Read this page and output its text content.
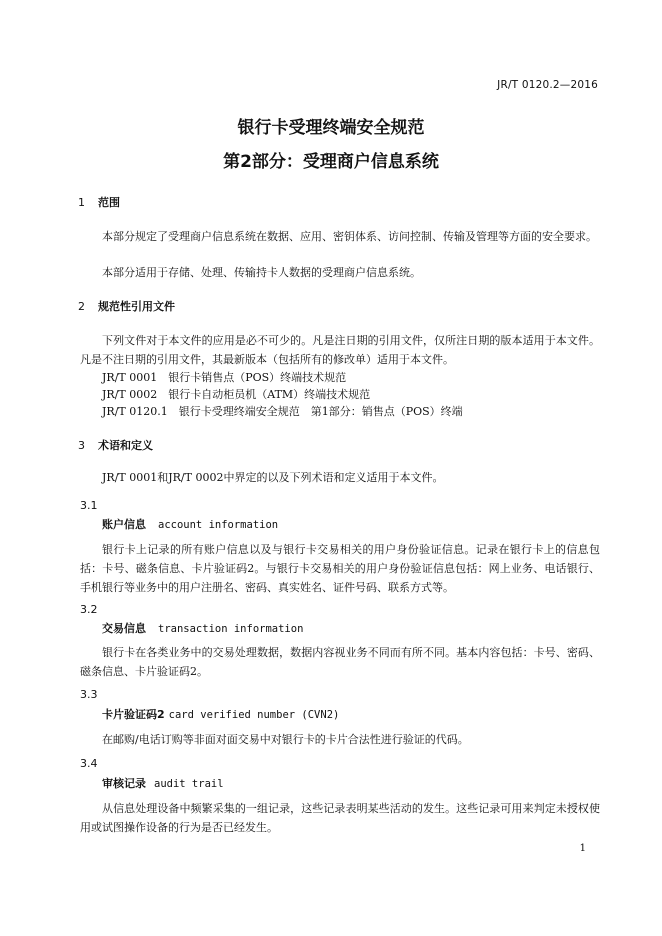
JR/T 0120.2—2016
银行卡受理终端安全规范
第2部分：受理商户信息系统
1 范围
本部分规定了受理商户信息系统在数据、应用、密钥体系、访问控制、传输及管理等方面的安全要求。
本部分适用于存储、处理、传输持卡人数据的受理商户信息系统。
2 规范性引用文件
下列文件对于本文件的应用是必不可少的。凡是注日期的引用文件，仅所注日期的版本适用于本文件。凡是不注日期的引用文件，其最新版本（包括所有的修改单）适用于本文件。
JR/T 0001　银行卡销售点（POS）终端技术规范
JR/T 0002　银行卡自动柜员机（ATM）终端技术规范
JR/T 0120.1　银行卡受理终端安全规范　第1部分：销售点（POS）终端
3 术语和定义
JR/T 0001和JR/T 0002中界定的以及下列术语和定义适用于本文件。
3.1
账户信息 account information
银行卡上记录的所有账户信息以及与银行卡交易相关的用户身份验证信息。记录在银行卡上的信息包括：卡号、磁条信息、卡片验证码2。与银行卡交易相关的用户身份验证信息包括：网上业务、电话银行、手机银行等业务中的用户注册名、密码、真实姓名、证件号码、联系方式等。
3.2
交易信息 transaction information
银行卡在各类业务中的交易处理数据，数据内容视业务不同而有所不同。基本内容包括：卡号、密码、磁条信息、卡片验证码2。
3.3
卡片验证码2 card verified number (CVN2)
在邮购/电话订购等非面对面交易中对银行卡的卡片合法性进行验证的代码。
3.4
审核记录 audit trail
从信息处理设备中频繁采集的一组记录，这些记录表明某些活动的发生。这些记录可用来判定未授权使用或试图操作设备的行为是否已经发生。
1
